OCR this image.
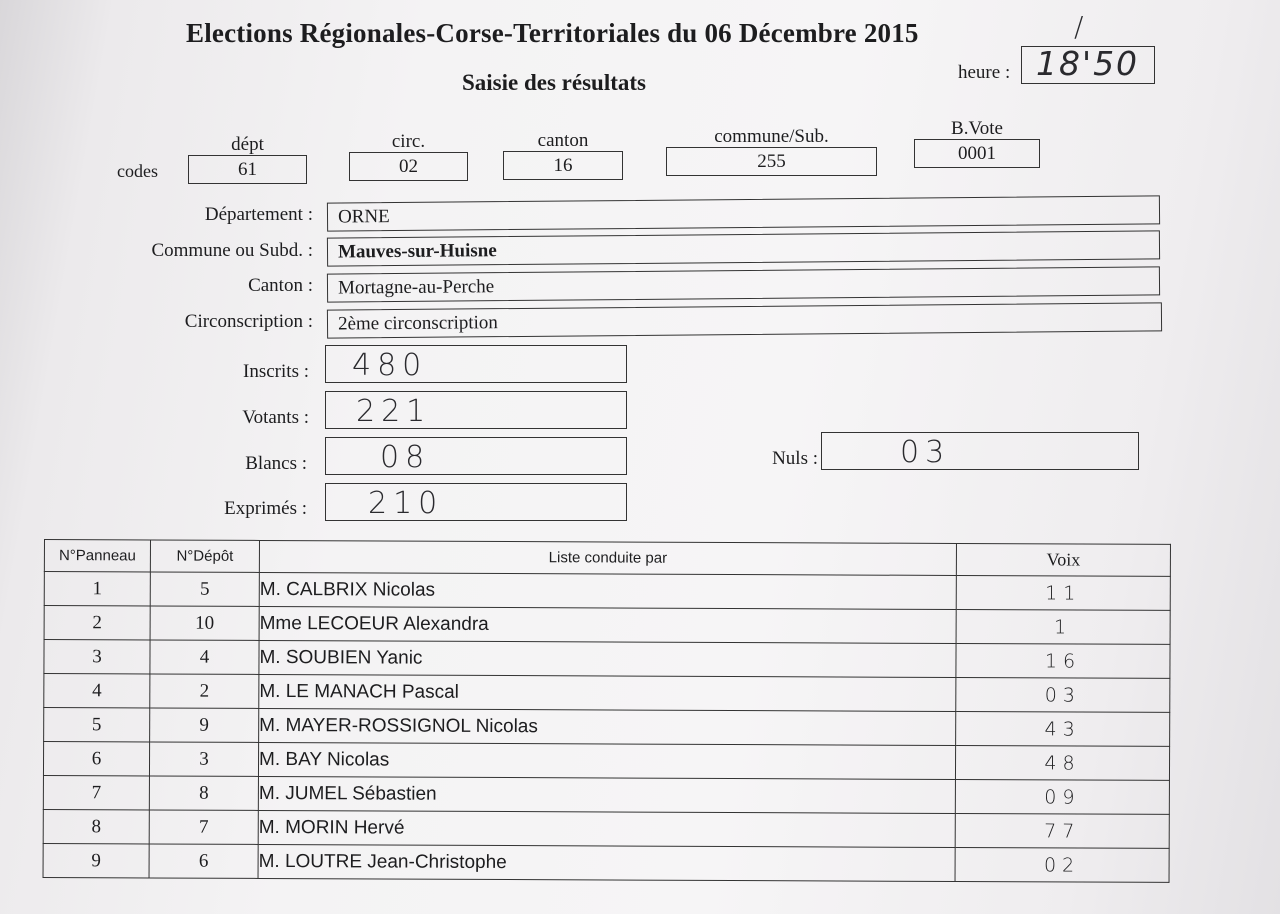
Elections Régionales-Corse-Territoriales du 06 Décembre 2015
Saisie des résultats	heure :
/
18'50
codes
dépt
61
circ.
02
canton
16
commune/Sub.
255
B.Vote
0001
Département :	ORNE
Commune ou Subd. :	Mauves-sur-Huisne
Canton :	Mortagne-au-Perche
Circonscription :	2ème circonscription
Inscrits : 480
Votants : 221
Blancs : 08	Nuls :	03
Exprimés : 210
N°Panneau	N°Dépôt	Liste conduite par	Voix
1	5	M. CALBRIX Nicolas	11
2	10	Mme LECOEUR Alexandra	1
3	4	M. SOUBIEN Yanic	16
4	2	M. LE MANACH Pascal	03
5	9	M. MAYER-ROSSIGNOL Nicolas	43
6	3	M. BAY Nicolas	48
7	8	M. JUMEL Sébastien	09
8	7	M. MORIN Hervé	77
9	6	M. LOUTRE Jean-Christophe	02
